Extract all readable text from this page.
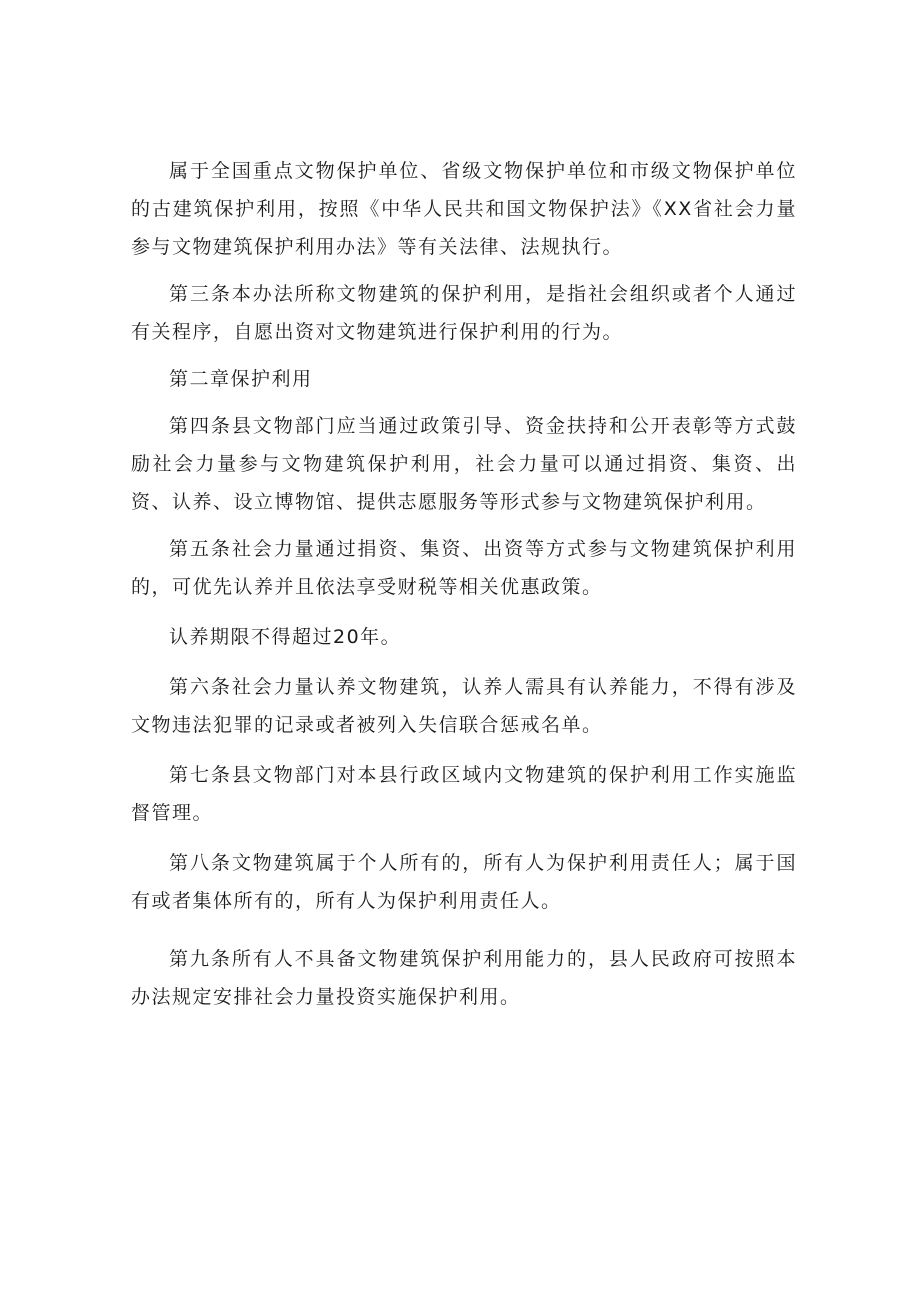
属于全国重点文物保护单位、省级文物保护单位和市级文物保护单位的古建筑保护利用，按照《中华人民共和国文物保护法》《XX省社会力量参与文物建筑保护利用办法》等有关法律、法规执行。

第三条本办法所称文物建筑的保护利用，是指社会组织或者个人通过有关程序，自愿出资对文物建筑进行保护利用的行为。

第二章保护利用

第四条县文物部门应当通过政策引导、资金扶持和公开表彰等方式鼓励社会力量参与文物建筑保护利用，社会力量可以通过捐资、集资、出资、认养、设立博物馆、提供志愿服务等形式参与文物建筑保护利用。

第五条社会力量通过捐资、集资、出资等方式参与文物建筑保护利用的，可优先认养并且依法享受财税等相关优惠政策。

认养期限不得超过20年。

第六条社会力量认养文物建筑，认养人需具有认养能力，不得有涉及文物违法犯罪的记录或者被列入失信联合惩戒名单。

第七条县文物部门对本县行政区域内文物建筑的保护利用工作实施监督管理。

第八条文物建筑属于个人所有的，所有人为保护利用责任人；属于国有或者集体所有的，所有人为保护利用责任人。

第九条所有人不具备文物建筑保护利用能力的，县人民政府可按照本办法规定安排社会力量投资实施保护利用。
